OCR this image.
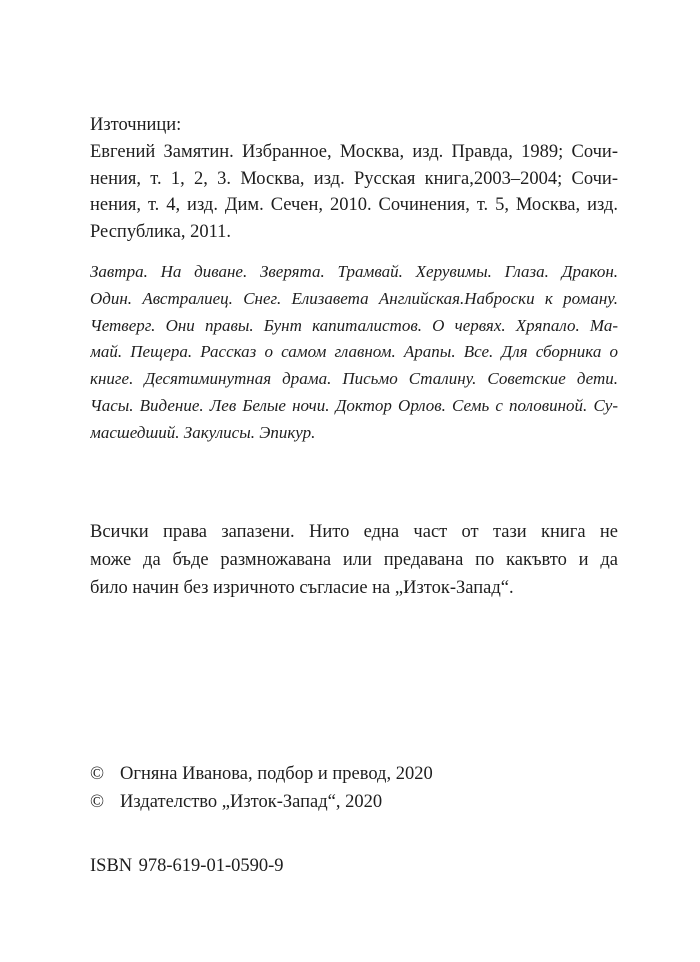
Източници:

Евгений Замятин. Избранное, Москва, изд. Правда, 1989; Сочи-
нения, т. 1, 2, 3. Москва, изд. Русская книга,2003–2004; Сочи-
нения, т. 4, изд. Дим. Сечен, 2010. Сочинения, т. 5, Москва, изд.
Республика, 2011.
Завтра. На диване. Зверята. Трамвай. Херувимы. Глаза. Дракон.
Один. Австралиец. Снег. Елизавета Английская.Наброски к роману.
Четверг. Они правы. Бунт капиталистов. О червях. Хряпало. Ма-
май. Пещера. Рассказ о самом главном. Арапы. Все. Для сборника о
книге. Десятиминутная драма. Письмо Сталину. Советские дети.
Часы. Видение. Лев Белые ночи. Доктор Орлов. Семь с половиной. Су-
масшедший. Закулисы. Эпикур.
Всички права запазени. Нито една част от тази книга не
може да бъде размножавана или предавана по какъвто и да
било начин без изричното съгласие на „Изток-Запад“.
© Огняна Иванова, подбор и превод, 2020
© Издателство „Изток-Запад“, 2020
ISBN 978-619-01-0590-9
